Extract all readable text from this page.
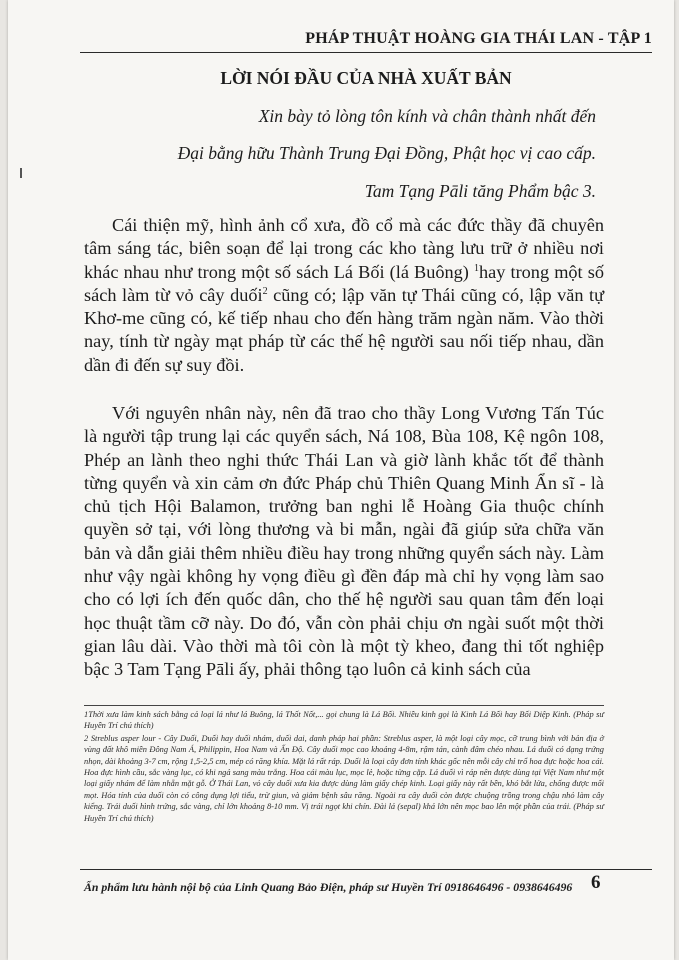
PHÁP THUẬT HOÀNG GIA THÁI LAN - TẬP 1
LỜI NÓI ĐẦU CỦA NHÀ XUẤT BẢN
Xin bày tỏ lòng tôn kính và chân thành nhất đến
Đại bằng hữu Thành Trung Đại Đồng, Phật học vị cao cấp.
Tam Tạng Pāli tăng Phẩm bậc 3.

Cái thiện mỹ, hình ảnh cổ xưa, đồ cổ mà các đức thầy đã chuyên tâm sáng tác, biên soạn để lại trong các kho tàng lưu trữ ở nhiều nơi khác nhau như trong một số sách Lá Bối (lá Buông) $^1$hay trong một số sách làm từ vỏ cây duối$^2$ cũng có; lập văn tự Thái cũng có, lập văn tự Khơ-me cũng có, kế tiếp nhau cho đến hàng trăm ngàn năm. Vào thời nay, tính từ ngày mạt pháp từ các thế hệ người sau nối tiếp nhau, dần dần đi đến sự suy đồi.

Với nguyên nhân này, nên đã trao cho thầy Long Vương Tấn Túc là người tập trung lại các quyển sách, Ná 108, Bùa 108, Kệ ngôn 108, Phép an lành theo nghi thức Thái Lan và giờ lành khắc tốt để thành từng quyển và xin cảm ơn đức Pháp chủ Thiên Quang Minh Ẩn sĩ - là chủ tịch Hội Balamon, trưởng ban nghi lễ Hoàng Gia thuộc chính quyền sở tại, với lòng thương và bi mẫn, ngài đã giúp sửa chữa văn bản và dẫn giải thêm nhiều điều hay trong những quyển sách này. Làm như vậy ngài không hy vọng điều gì đền đáp mà chỉ hy vọng làm sao cho có lợi ích đến quốc dân, cho thế hệ người sau quan tâm đến loại học thuật tầm cỡ này. Do đó, vẫn còn phải chịu ơn ngài suốt một thời gian lâu dài. Vào thời mà tôi còn là một tỳ kheo, đang thi tốt nghiệp bậc 3 Tam Tạng Pāli ấy, phải thông tạo luôn cả kinh sách của

1Thời xưa làm kinh sách bằng cả loại lá như lá Buông, lá Thốt Nốt,... gọi chung là Lá Bối. Nhiều kinh gọi là Kinh Lá Bối hay Bối Diệp Kinh. (Pháp sư Huyền Trí chú thích)

2 Streblus asper lour - Cây Duối, Duối hay duối nhám, duối dai, danh pháp hai phần: Streblus asper, là một loại cây mọc, cỡ trung bình với bản địa ở vùng đất khô miền Đông Nam Á, Philippin, Hoa Nam và Ấn Độ. Cây duối mọc cao khoảng 4-8m, rậm tán, cành đâm chéo nhau. Lá duối có dạng trứng nhọn, dài khoảng 3-7 cm, rộng 1,5-2,5 cm, mép có răng khía. Mặt lá rất ráp. Duối là loại cây đơn tính khác gốc nên mỗi cây chỉ trổ hoa đực hoặc hoa cái. Hoa đực hình cầu, sắc vàng lục, có khi ngả sang màu trắng. Hoa cái màu lục, mọc lẻ, hoặc từng cặp. Lá duối vì ráp nên được dùng tại Việt Nam như một loại giấy nhám để làm nhẵn mặt gỗ. Ở Thái Lan, vỏ cây duối xưa kia được dùng làm giấy chép kinh. Loại giấy này rất bền, khó bắt lửa, chống được mối mọt. Hóa tính của duối còn có công dụng lợi tiểu, trừ giun, và giảm bệnh sâu răng. Ngoài ra cây duối còn được chuộng trồng trong chậu nhỏ làm cây kiểng. Trái duối hình trứng, sắc vàng, chỉ lớn khoảng 8-10 mm. Vị trái ngọt khi chín. Đài lá (sepal) khá lớn nên mọc bao lên một phần của trái. (Pháp sư Huyền Trí chú thích)

Ấn phẩm lưu hành nội bộ của Linh Quang Bảo Điện, pháp sư Huyền Trí 0918646496 - 0938646496 6
